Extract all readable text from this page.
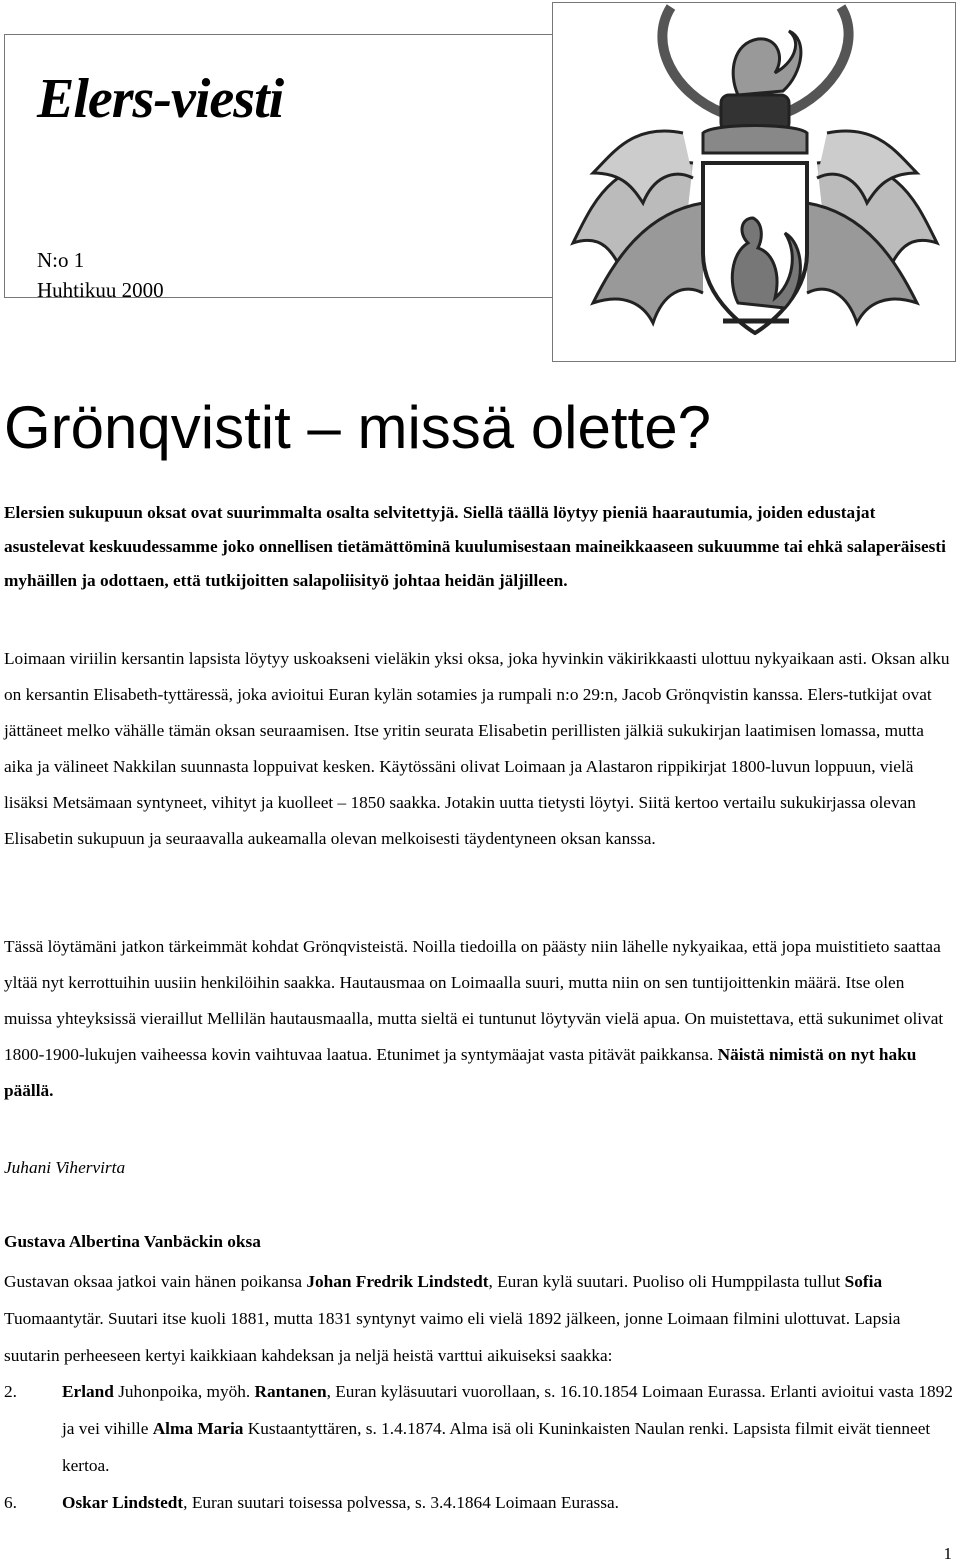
Elers-viesti
N:o 1
Huhtikuu 2000
Grönqvistit – missä olette?

Elersien sukupuun oksat ovat suurimmalta osalta selvitettyjä. Siellä täällä löytyy pieniä haarautumia, joiden edustajat asustelevat keskuudessamme joko onnellisen tietämättöminä kuulumisestaan maineikkaaseen sukuumme tai ehkä salaperäisesti myhäillen ja odottaen, että tutkijoitten salapoliisityö johtaa heidän jäljilleen.

Loimaan viriilin kersantin lapsista löytyy uskoakseni vieläkin yksi oksa, joka hyvinkin väkirikkaasti ulottuu nykyaikaan asti. Oksan alku on kersantin Elisabeth-tyttäressä, joka avioitui Euran kylän sotamies ja rumpali n:o 29:n, Jacob Grönqvistin kanssa. Elers-tutkijat ovat jättäneet melko vähälle tämän oksan seuraamisen. Itse yritin seurata Elisabetin perillisten jälkiä sukukirjan laatimisen lomassa, mutta aika ja välineet Nakkilan suunnasta loppuivat kesken. Käytössäni olivat Loimaan ja Alastaron rippikirjat 1800-luvun loppuun, vielä lisäksi Metsämaan syntyneet, vihityt ja kuolleet – 1850 saakka. Jotakin uutta tietysti löytyi. Siitä kertoo vertailu sukukirjassa olevan Elisabetin sukupuun ja seuraavalla aukeamalla olevan melkoisesti täydentyneen oksan kanssa.

Tässä löytämäni jatkon tärkeimmät kohdat Grönqvisteistä. Noilla tiedoilla on päästy niin lähelle nykyaikaa, että jopa muistitieto saattaa yltää nyt kerrottuihin uusiin henkilöihin saakka. Hautausmaa on Loimaalla suuri, mutta niin on sen tuntijoittenkin määrä. Itse olen muissa yhteyksissä vieraillut Mellilän hautausmaalla, mutta sieltä ei tuntunut löytyvän vielä apua. On muistettava, että sukunimet olivat 1800-1900-lukujen vaiheessa kovin vaihtuvaa laatua. Etunimet ja syntymäajat vasta pitävät paikkansa. Näistä nimistä on nyt haku päällä.

Juhani Vihervirta
Gustava Albertina Vanbäckin oksa

Gustavan oksaa jatkoi vain hänen poikansa Johan Fredrik Lindstedt, Euran kylä suutari. Puoliso oli Humppilasta tullut Sofia Tuomaantytär. Suutari itse kuoli 1881, mutta 1831 syntynyt vaimo eli vielä 1892 jälkeen, jonne Loimaan filmini ulottuvat. Lapsia suutarin perheeseen kertyi kaikkiaan kahdeksan ja neljä heistä varttui aikuiseksi saakka:

2.	Erland Juhonpoika, myöh. Rantanen, Euran kyläsuutari vuorollaan, s. 16.10.1854 Loimaan Eurassa. Erlanti avioitui vasta 1892 ja vei vihille Alma Maria Kustaantyttären, s. 1.4.1874. Alma isä oli Kuninkaisten Naulan renki. Lapsista filmit eivät tienneet kertoa.
6.	Oskar Lindstedt, Euran suutari toisessa polvessa, s. 3.4.1864 Loimaan Eurassa.
1
